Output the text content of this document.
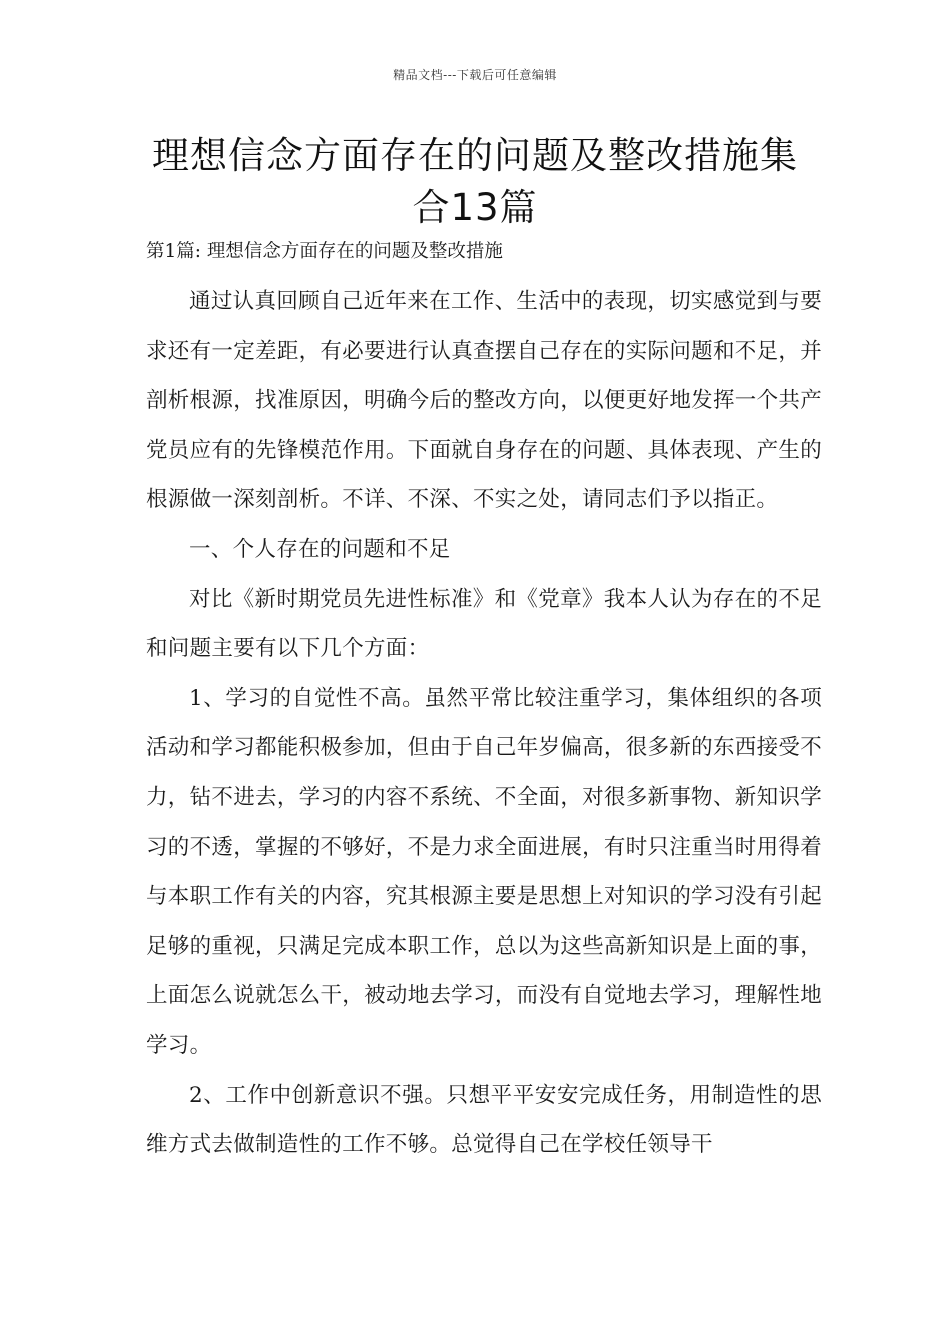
精品文档---下载后可任意编辑
理想信念方面存在的问题及整改措施集
合13篇

第1篇: 理想信念方面存在的问题及整改措施

通过认真回顾自己近年来在工作、生活中的表现，切实感觉到与要求还有一定差距，有必要进行认真查摆自己存在的实际问题和不足，并剖析根源，找准原因，明确今后的整改方向，以便更好地发挥一个共产党员应有的先锋模范作用。下面就自身存在的问题、具体表现、产生的根源做一深刻剖析。不详、不深、不实之处，请同志们予以指正。

一、个人存在的问题和不足

对比《新时期党员先进性标准》和《党章》我本人认为存在的不足和问题主要有以下几个方面：

1、学习的自觉性不高。虽然平常比较注重学习，集体组织的各项活动和学习都能积极参加，但由于自己年岁偏高，很多新的东西接受不力，钻不进去，学习的内容不系统、不全面，对很多新事物、新知识学习的不透，掌握的不够好，不是力求全面进展，有时只注重当时用得着与本职工作有关的内容，究其根源主要是思想上对知识的学习没有引起足够的重视，只满足完成本职工作，总以为这些高新知识是上面的事，上面怎么说就怎么干，被动地去学习，而没有自觉地去学习，理解性地学习。

2、工作中创新意识不强。只想平平安安完成任务，用制造性的思维方式去做制造性的工作不够。总觉得自己在学校任领导干
